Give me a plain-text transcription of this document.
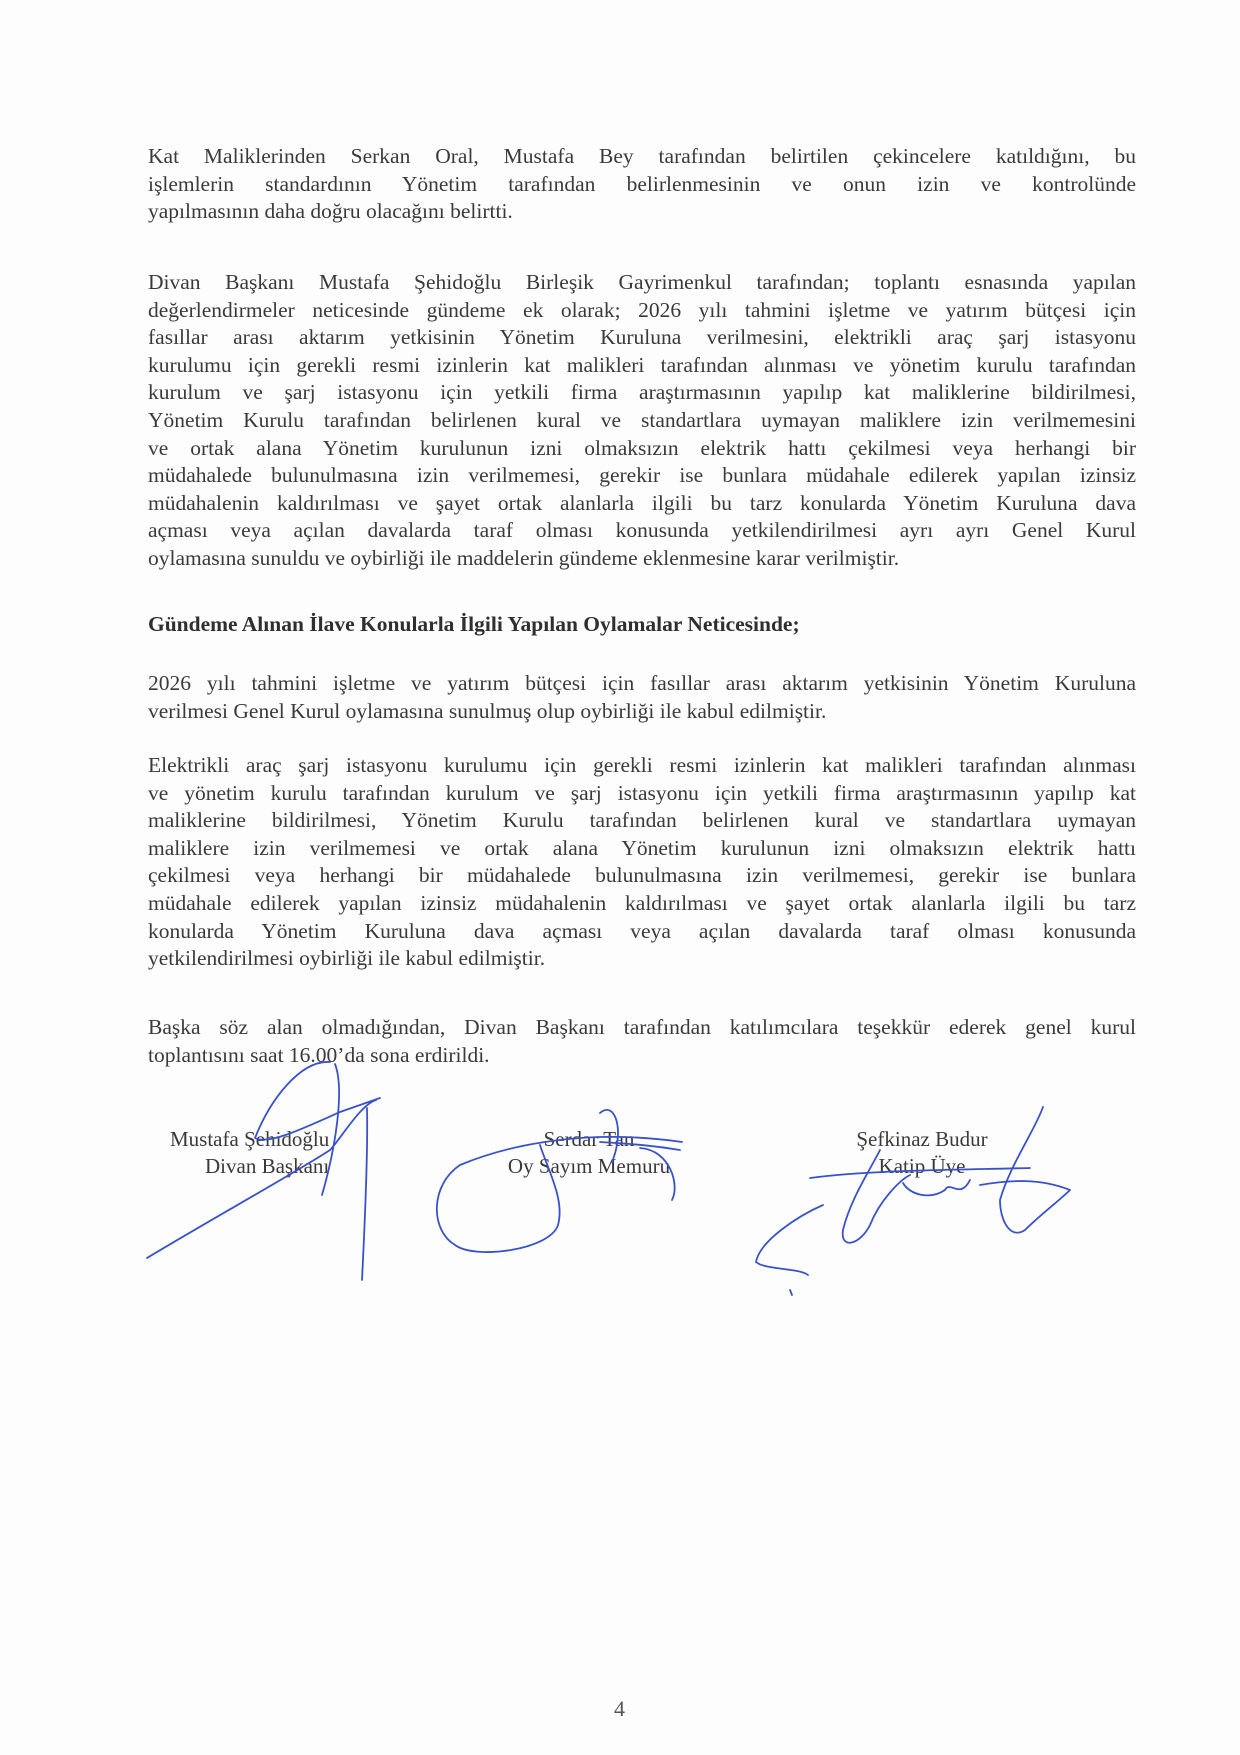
Kat Maliklerinden Serkan Oral, Mustafa Bey tarafından belirtilen çekincelere katıldığını, bu
işlemlerin standardının Yönetim tarafından belirlenmesinin ve onun izin ve kontrolünde
yapılmasının daha doğru olacağını belirtti.
Divan Başkanı Mustafa Şehidoğlu Birleşik Gayrimenkul tarafından; toplantı esnasında yapılan
değerlendirmeler neticesinde gündeme ek olarak; 2026 yılı tahmini işletme ve yatırım bütçesi için
fasıllar arası aktarım yetkisinin Yönetim Kuruluna verilmesini, elektrikli araç şarj istasyonu
kurulumu için gerekli resmi izinlerin kat malikleri tarafından alınması ve yönetim kurulu tarafından
kurulum ve şarj istasyonu için yetkili firma araştırmasının yapılıp kat maliklerine bildirilmesi,
Yönetim Kurulu tarafından belirlenen kural ve standartlara uymayan maliklere izin verilmemesini
ve ortak alana Yönetim kurulunun izni olmaksızın elektrik hattı çekilmesi veya herhangi bir
müdahalede bulunulmasına izin verilmemesi, gerekir ise bunlara müdahale edilerek yapılan izinsiz
müdahalenin kaldırılması ve şayet ortak alanlarla ilgili bu tarz konularda Yönetim Kuruluna dava
açması veya açılan davalarda taraf olması konusunda yetkilendirilmesi ayrı ayrı Genel Kurul
oylamasına sunuldu ve oybirliği ile maddelerin gündeme eklenmesine karar verilmiştir.
Gündeme Alınan İlave Konularla İlgili Yapılan Oylamalar Neticesinde;
2026 yılı tahmini işletme ve yatırım bütçesi için fasıllar arası aktarım yetkisinin Yönetim Kuruluna
verilmesi Genel Kurul oylamasına sunulmuş olup oybirliği ile kabul edilmiştir.
Elektrikli araç şarj istasyonu kurulumu için gerekli resmi izinlerin kat malikleri tarafından alınması
ve yönetim kurulu tarafından kurulum ve şarj istasyonu için yetkili firma araştırmasının yapılıp kat
maliklerine bildirilmesi, Yönetim Kurulu tarafından belirlenen kural ve standartlara uymayan
maliklere izin verilmemesi ve ortak alana Yönetim kurulunun izni olmaksızın elektrik hattı
çekilmesi veya herhangi bir müdahalede bulunulmasına izin verilmemesi, gerekir ise bunlara
müdahale edilerek yapılan izinsiz müdahalenin kaldırılması ve şayet ortak alanlarla ilgili bu tarz
konularda Yönetim Kuruluna dava açması veya açılan davalarda taraf olması konusunda
yetkilendirilmesi oybirliği ile kabul edilmiştir.
Başka söz alan olmadığından, Divan Başkanı tarafından katılımcılara teşekkür ederek genel kurul
toplantısını saat 16.00’da sona erdirildi.
Mustafa Şehidoğlu
Divan Başkanı
Serdar Tan
Oy Sayım Memuru
Şefkinaz Budur
Katip Üye
4
